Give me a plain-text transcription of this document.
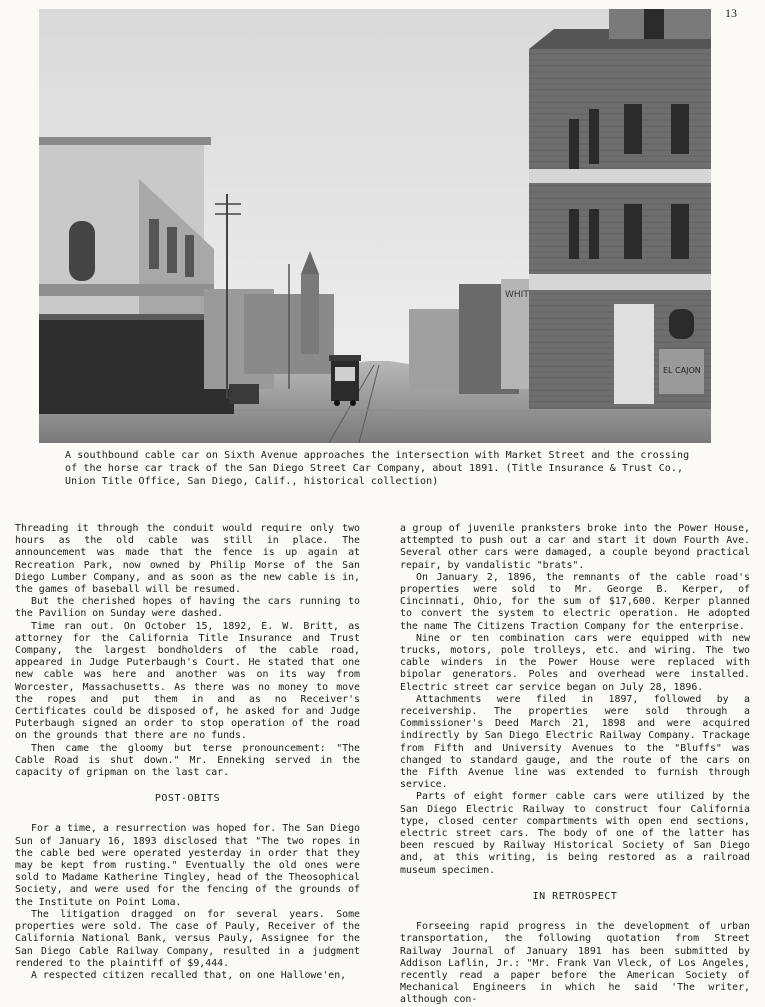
13
WHIT
EL CAJON
A southbound cable car on Sixth Avenue approaches the intersection with Market Street and the crossing
of the horse car track of the San Diego Street Car Company, about 1891. (Title Insurance & Trust Co.,
Union Title Office, San Diego, Calif., historical collection)

Threading it through the conduit would require only two hours as the old cable was still in place. The announcement was made that the fence is up again at Recreation Park, now owned by Philip Morse of the San Diego Lumber Company, and as soon as the new cable is in, the games of baseball will be resumed.

But the cherished hopes of having the cars running to the Pavilion on Sunday were dashed.

Time ran out. On October 15, 1892, E. W. Britt, as attorney for the California Title Insurance and Trust Company, the largest bondholders of the cable road, appeared in Judge Puterbaugh's Court. He stated that one new cable was here and another was on its way from Worcester, Massachusetts. As there was no money to move the ropes and put them in and as no Receiver's Certificates could be disposed of, he asked for and Judge Puterbaugh signed an order to stop operation of the road on the grounds that there are no funds.

Then came the gloomy but terse pronouncement: "The Cable Road is shut down." Mr. Enneking served in the capacity of gripman on the last car.

POST-OBITS

For a time, a resurrection was hoped for. The San Diego Sun of January 16, 1893 disclosed that "The two ropes in the cable bed were operated yesterday in order that they may be kept from rusting." Eventually the old ones were sold to Madame Katherine Tingley, head of the Theosophical Society, and were used for the fencing of the grounds of the Institute on Point Loma.

The litigation dragged on for several years. Some properties were sold. The case of Pauly, Receiver of the California National Bank, versus Pauly, Assignee for the San Diego Cable Railway Company, resulted in a judgment rendered to the plaintiff of $9,444.

A respected citizen recalled that, on one Hallowe'en,

a group of juvenile pranksters broke into the Power House, attempted to push out a car and start it down Fourth Ave. Several other cars were damaged, a couple beyond practical repair, by vandalistic "brats".

On January 2, 1896, the remnants of the cable road's properties were sold to Mr. George B. Kerper, of Cincinnati, Ohio, for the sum of $17,600. Kerper planned to convert the system to electric operation. He adopted the name The Citizens Traction Company for the enterprise.

Nine or ten combination cars were equipped with new trucks, motors, pole trolleys, etc. and wiring. The two cable winders in the Power House were replaced with bipolar generators. Poles and overhead were installed. Electric street car service began on July 28, 1896.

Attachments were filed in 1897, followed by a receivership. The properties were sold through a Commissioner's Deed March 21, 1898 and were acquired indirectly by San Diego Electric Railway Company. Trackage from Fifth and University Avenues to the "Bluffs" was changed to standard gauge, and the route of the cars on the Fifth Avenue line was extended to furnish through service.

Parts of eight former cable cars were utilized by the San Diego Electric Railway to construct four California type, closed center compartments with open end sections, electric street cars. The body of one of the latter has been rescued by Railway Historical Society of San Diego and, at this writing, is being restored as a railroad museum specimen.

IN RETROSPECT

Forseeing rapid progress in the development of urban transportation, the following quotation from Street Railway Journal of January 1891 has been submitted by Addison Laflin, Jr.: "Mr. Frank Van Vleck, of Los Angeles, recently read a paper before the American Society of Mechanical Engineers in which he said 'The writer, although con-
